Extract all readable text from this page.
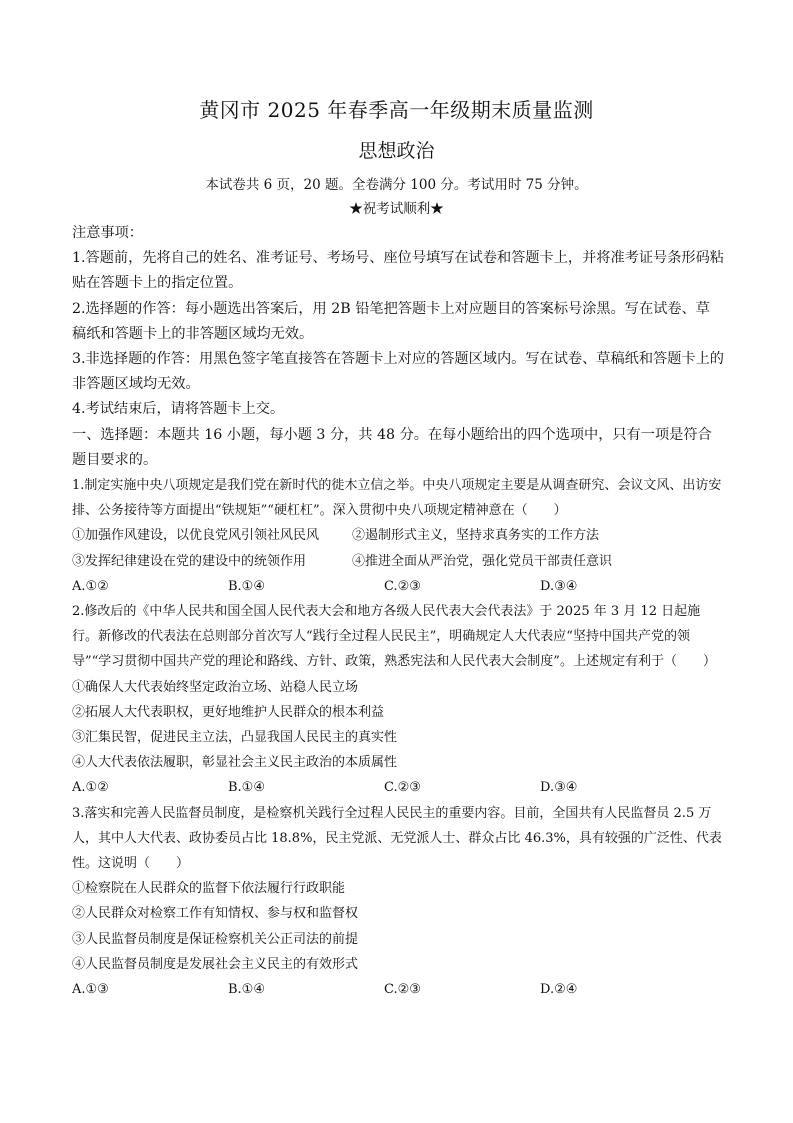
黄冈市 2025 年春季高一年级期末质量监测
思想政治
本试卷共 6 页，20 题。全卷满分 100 分。考试用时 75 分钟。
★祝考试顺利★

注意事项：

1.答题前，先将自己的姓名、准考证号、考场号、座位号填写在试卷和答题卡上，并将准考证号条形码粘贴在答题卡上的指定位置。

2.选择题的作答：每小题选出答案后，用 2B 铅笔把答题卡上对应题目的答案标号涂黑。写在试卷、草稿纸和答题卡上的非答题区域均无效。

3.非选择题的作答：用黑色签字笔直接答在答题卡上对应的答题区域内。写在试卷、草稿纸和答题卡上的非答题区域均无效。

4.考试结束后，请将答题卡上交。

一、选择题：本题共 16 小题，每小题 3 分，共 48 分。在每小题给出的四个选项中，只有一项是符合题目要求的。

1.制定实施中央八项规定是我们党在新时代的徙木立信之举。中央八项规定主要是从调查研究、会议文风、出访安排、公务接待等方面提出“铁规矩”“硬杠杠”。深入贯彻中央八项规定精神意在（　　）

①加强作风建设，以优良党风引领社风民风	②遏制形式主义，坚持求真务实的工作方法
③发挥纪律建设在党的建设中的统领作用	④推进全面从严治党，强化党员干部责任意识
A.①②	B.①④	C.②③	D.③④

2.修改后的《中华人民共和国全国人民代表大会和地方各级人民代表大会代表法》于 2025 年 3 月 12 日起施行。新修改的代表法在总则部分首次写人“践行全过程人民民主”，明确规定人大代表应“坚持中国共产党的领导”“学习贯彻中国共产党的理论和路线、方针、政策，熟悉宪法和人民代表大会制度”。上述规定有利于（　　）

①确保人大代表始终坚定政治立场、站稳人民立场

②拓展人大代表职权，更好地维护人民群众的根本利益

③汇集民智，促进民主立法，凸显我国人民民主的真实性

④人大代表依法履职，彰显社会主义民主政治的本质属性

A.①②	B.①④	C.②③	D.③④

3.落实和完善人民监督员制度，是检察机关践行全过程人民民主的重要内容。目前，全国共有人民监督员 2.5 万人，其中人大代表、政协委员占比 18.8%，民主党派、无党派人士、群众占比 46.3%，具有较强的广泛性、代表性。这说明（　　）

①检察院在人民群众的监督下依法履行行政职能

②人民群众对检察工作有知情权、参与权和监督权

③人民监督员制度是保证检察机关公正司法的前提

④人民监督员制度是发展社会主义民主的有效形式

A.①③	B.①④	C.②③	D.②④
